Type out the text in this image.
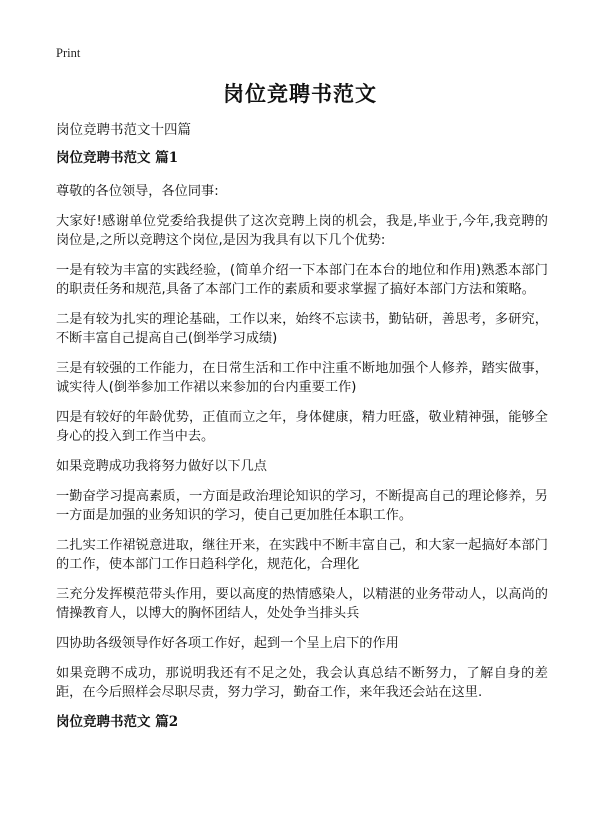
Print
岗位竞聘书范文
岗位竞聘书范文十四篇
岗位竞聘书范文 篇1

尊敬的各位领导，各位同事:

大家好!感谢单位党委给我提供了这次竞聘上岗的机会，我是,毕业于,今年,我竞聘的岗位是,之所以竞聘这个岗位,是因为我具有以下几个优势:

一是有较为丰富的实践经验，(简单介绍一下本部门在本台的地位和作用)熟悉本部门的职责任务和规范,具备了本部门工作的素质和要求掌握了搞好本部门方法和策略。

二是有较为扎实的理论基础，工作以来，始终不忘读书，勤钻研，善思考，多研究，不断丰富自己提高自己(倒举学习成绩)

三是有较强的工作能力，在日常生活和工作中注重不断地加强个人修养，踏实做事，诚实待人(倒举参加工作裙以来参加的台内重要工作)

四是有较好的年龄优势，正值而立之年，身体健康，精力旺盛，敬业精神强，能够全身心的投入到工作当中去。

如果竞聘成功我将努力做好以下几点

一勤奋学习提高素质，一方面是政治理论知识的学习，不断提高自己的理论修养，另一方面是加强的业务知识的学习，使自己更加胜任本职工作。

二扎实工作裙锐意进取，继往开来，在实践中不断丰富自己，和大家一起搞好本部门的工作，使本部门工作日趋科学化，规范化，合理化

三充分发挥模范带头作用，要以高度的热情感染人，以精湛的业务带动人，以高尚的情操教育人，以博大的胸怀团结人，处处争当排头兵

四协助各级领导作好各项工作好，起到一个呈上启下的作用

如果竞聘不成功，那说明我还有不足之处，我会认真总结不断努力，了解自身的差距，在今后照样会尽职尽责，努力学习，勤奋工作，来年我还会站在这里.

岗位竞聘书范文 篇2
